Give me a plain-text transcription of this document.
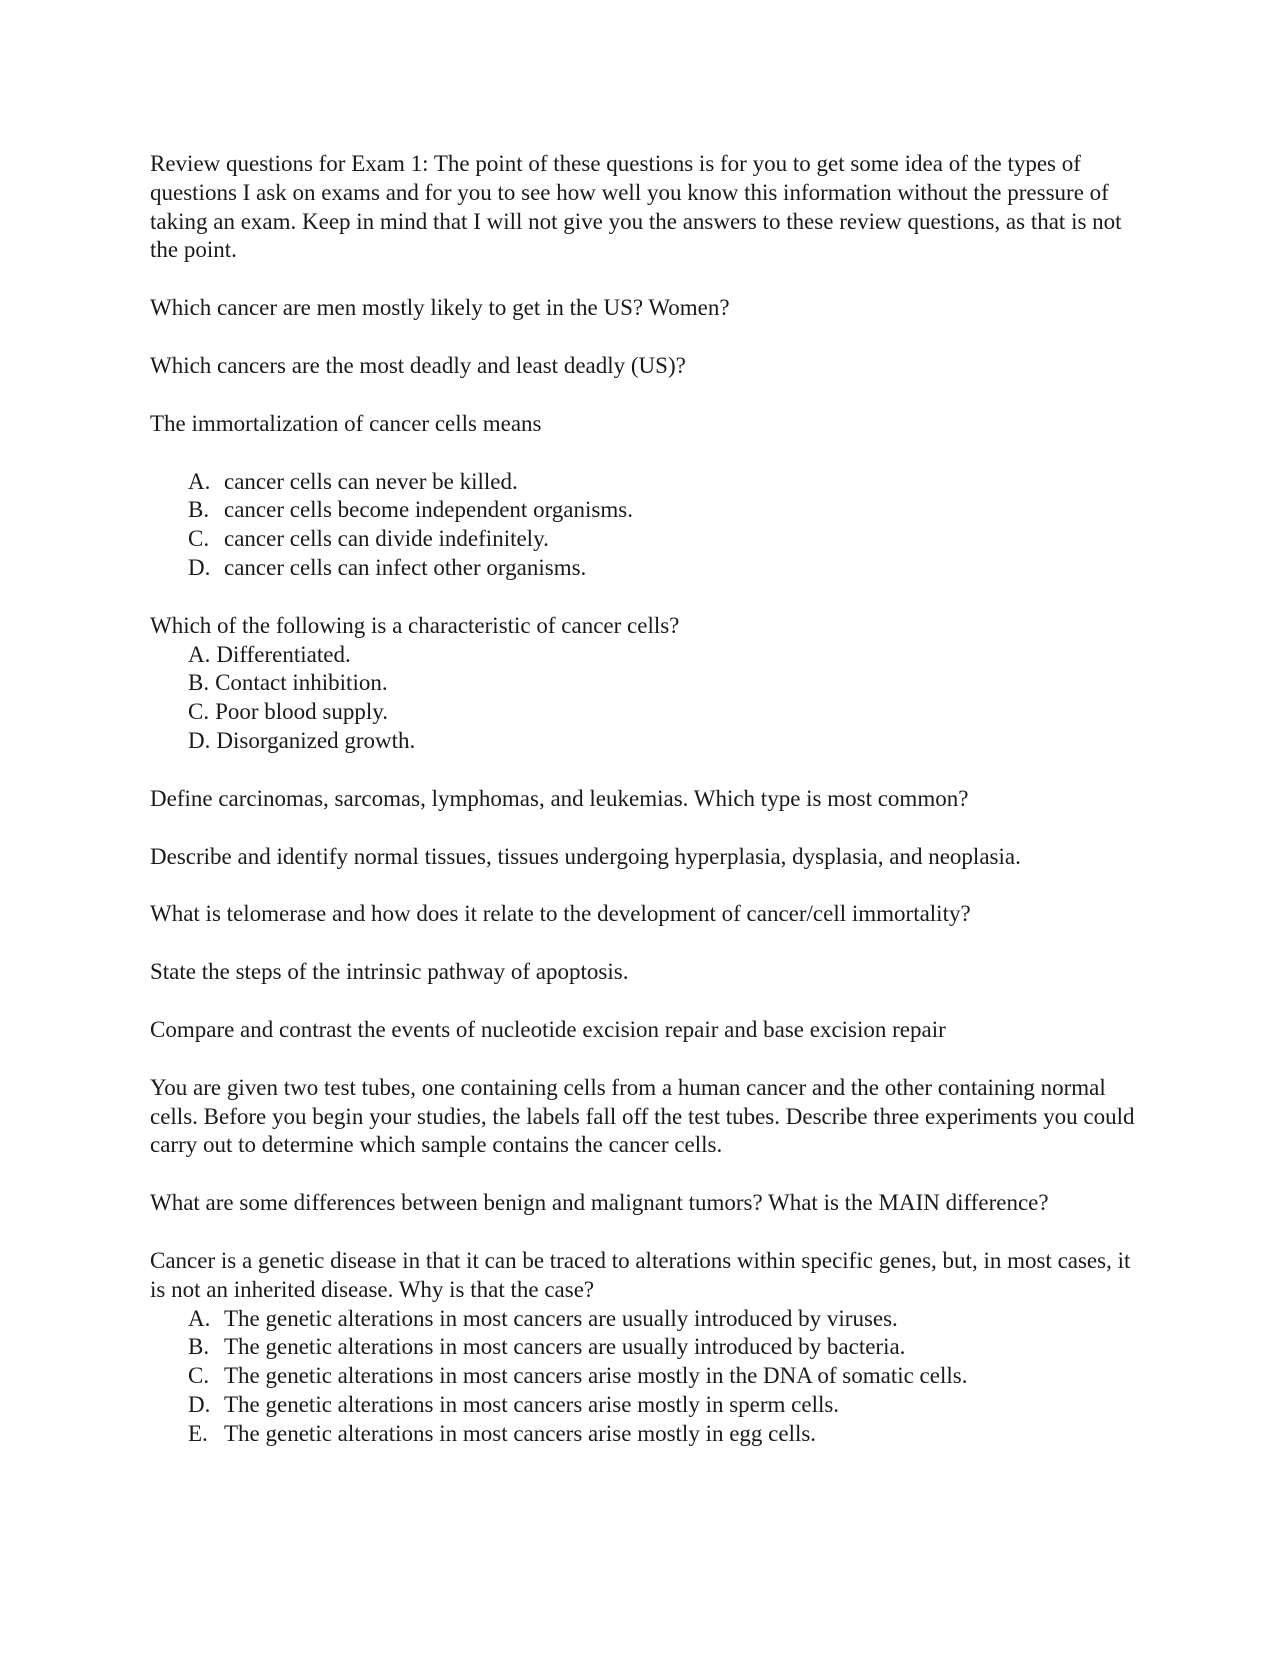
Review questions for Exam 1: The point of these questions is for you to get some idea of the types of questions I ask on exams and for you to see how well you know this information without the pressure of taking an exam. Keep in mind that I will not give you the answers to these review questions, as that is not the point.

Which cancer are men mostly likely to get in the US? Women?

Which cancers are the most deadly and least deadly (US)?

The immortalization of cancer cells means

A. cancer cells can never be killed.
B. cancer cells become independent organisms.
C. cancer cells can divide indefinitely.
D. cancer cells can infect other organisms.

Which of the following is a characteristic of cancer cells?

A. Differentiated.
B. Contact inhibition.
C. Poor blood supply.
D. Disorganized growth.

Define carcinomas, sarcomas, lymphomas, and leukemias. Which type is most common?

Describe and identify normal tissues, tissues undergoing hyperplasia, dysplasia, and neoplasia.

What is telomerase and how does it relate to the development of cancer/cell immortality?

State the steps of the intrinsic pathway of apoptosis.

Compare and contrast the events of nucleotide excision repair and base excision repair

You are given two test tubes, one containing cells from a human cancer and the other containing normal cells. Before you begin your studies, the labels fall off the test tubes. Describe three experiments you could carry out to determine which sample contains the cancer cells.

What are some differences between benign and malignant tumors? What is the MAIN difference?

Cancer is a genetic disease in that it can be traced to alterations within specific genes, but, in most cases, it is not an inherited disease. Why is that the case?

A. The genetic alterations in most cancers are usually introduced by viruses.
B. The genetic alterations in most cancers are usually introduced by bacteria.
C. The genetic alterations in most cancers arise mostly in the DNA of somatic cells.
D. The genetic alterations in most cancers arise mostly in sperm cells.
E. The genetic alterations in most cancers arise mostly in egg cells.
